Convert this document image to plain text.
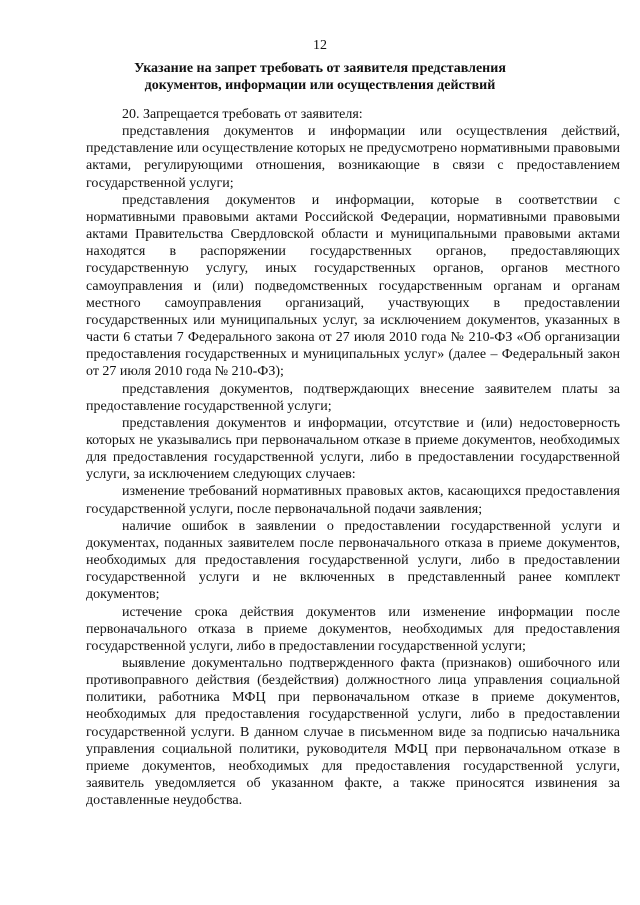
12
Указание на запрет требовать от заявителя представления документов, информации или осуществления действий

20. Запрещается требовать от заявителя:

представления документов и информации или осуществления действий, представление или осуществление которых не предусмотрено нормативными правовыми актами, регулирующими отношения, возникающие в связи с предоставлением государственной услуги;

представления документов и информации, которые в соответствии с нормативными правовыми актами Российской Федерации, нормативными правовыми актами Правительства Свердловской области и муниципальными правовыми актами находятся в распоряжении государственных органов, предоставляющих государственную услугу, иных государственных органов, органов местного самоуправления и (или) подведомственных государственным органам и органам местного самоуправления организаций, участвующих в предоставлении государственных или муниципальных услуг, за исключением документов, указанных в части 6 статьи 7 Федерального закона от 27 июля 2010 года № 210-ФЗ «Об организации предоставления государственных и муниципальных услуг» (далее – Федеральный закон от 27 июля 2010 года № 210-ФЗ);

представления документов, подтверждающих внесение заявителем платы за предоставление государственной услуги;

представления документов и информации, отсутствие и (или) недостоверность которых не указывались при первоначальном отказе в приеме документов, необходимых для предоставления государственной услуги, либо в предоставлении государственной услуги, за исключением следующих случаев:

изменение требований нормативных правовых актов, касающихся предоставления государственной услуги, после первоначальной подачи заявления;

наличие ошибок в заявлении о предоставлении государственной услуги и документах, поданных заявителем после первоначального отказа в приеме документов, необходимых для предоставления государственной услуги, либо в предоставлении государственной услуги и не включенных в представленный ранее комплект документов;

истечение срока действия документов или изменение информации после первоначального отказа в приеме документов, необходимых для предоставления государственной услуги, либо в предоставлении государственной услуги;

выявление документально подтвержденного факта (признаков) ошибочного или противоправного действия (бездействия) должностного лица управления социальной политики, работника МФЦ при первоначальном отказе в приеме документов, необходимых для предоставления государственной услуги, либо в предоставлении государственной услуги. В данном случае в письменном виде за подписью начальника управления социальной политики, руководителя МФЦ при первоначальном отказе в приеме документов, необходимых для предоставления государственной услуги, заявитель уведомляется об указанном факте, а также приносятся извинения за доставленные неудобства.
